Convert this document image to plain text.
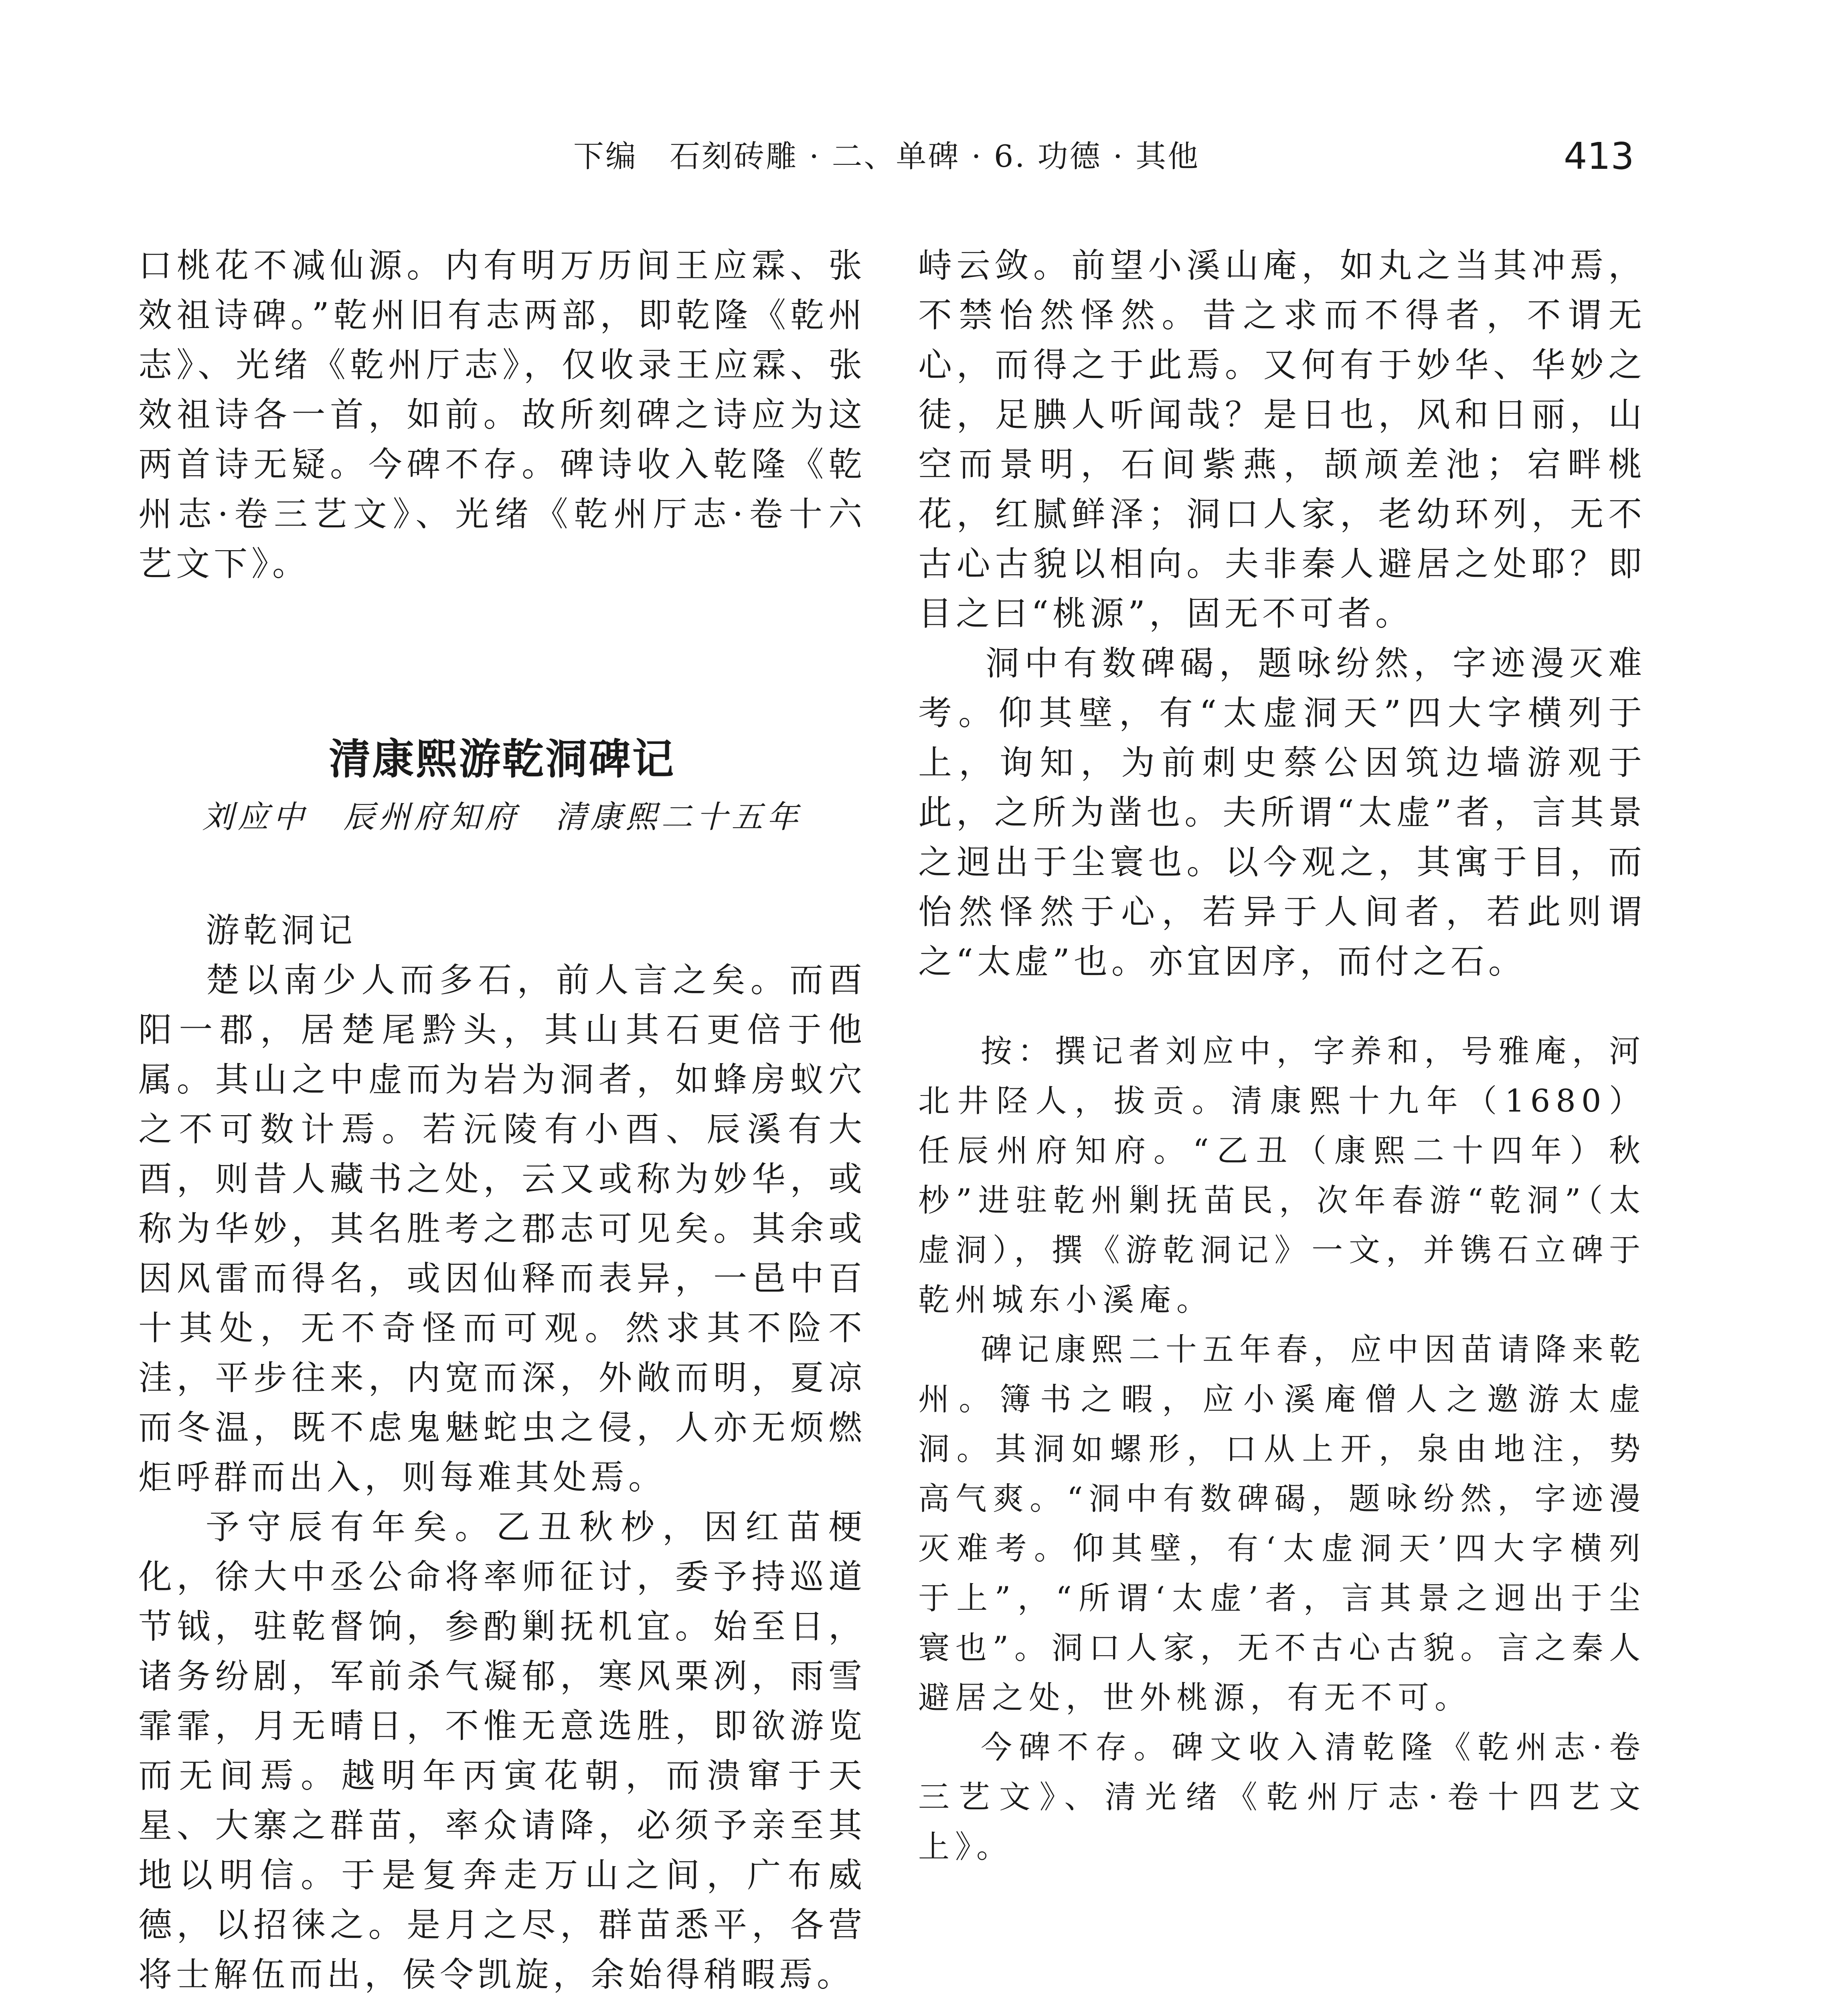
下编　石刻砖雕 · 二、单碑 · 6. 功德 · 其他	413

口桃花不减仙源。内有明万历间王应霖、张效祖诗碑。”乾州旧有志两部，即乾隆《乾州志》、光绪《乾州厅志》，仅收录王应霖、张效祖诗各一首，如前。故所刻碑之诗应为这两首诗无疑。今碑不存。碑诗收入乾隆《乾州志·卷三艺文》、光绪《乾州厅志·卷十六艺文下》。

清康熙游乾洞碑记

刘应中　辰州府知府　清康熙二十五年

游乾洞记

楚以南少人而多石，前人言之矣。而酉阳一郡，居楚尾黔头，其山其石更倍于他属。其山之中虚而为岩为洞者，如蜂房蚁穴之不可数计焉。若沅陵有小酉、辰溪有大酉，则昔人藏书之处，云又或称为妙华，或称为华妙，其名胜考之郡志可见矣。其余或因风雷而得名，或因仙释而表异，一邑中百十其处，无不奇怪而可观。然求其不险不洼，平步往来，内宽而深，外敞而明，夏凉而冬温，既不虑鬼魅蛇虫之侵，人亦无烦燃炬呼群而出入，则每难其处焉。

予守辰有年矣。乙丑秋杪，因红苗梗化，徐大中丞公命将率师征讨，委予持巡道节钺，驻乾督饷，参酌剿抚机宜。始至日，诸务纷剧，军前杀气凝郁，寒风栗冽，雨雪霏霏，月无晴日，不惟无意选胜，即欲游览而无间焉。越明年丙寅花朝，而溃窜于天星、大寨之群苗，率众请降，必须予亲至其地以明信。于是复奔走万山之间，广布威德，以招徕之。是月之尽，群苗悉平，各营将士解伍而出，侯令凯旋，余始得稍暇焉。

峙云敛。前望小溪山庵，如丸之当其冲焉，不禁怡然怿然。昔之求而不得者，不谓无心，而得之于此焉。又何有于妙华、华妙之徒，足腆人听闻哉？是日也，风和日丽，山空而景明，石间紫燕，颉颃差池；宕畔桃花，红腻鲜泽；洞口人家，老幼环列，无不古心古貌以相向。夫非秦人避居之处耶？即目之曰“桃源”，固无不可者。

洞中有数碑碣，题咏纷然，字迹漫灭难考。仰其壁，有“太虚洞天”四大字横列于上，询知，为前刺史蔡公因筑边墙游观于此，之所为凿也。夫所谓“太虚”者，言其景之迥出于尘寰也。以今观之，其寓于目，而怡然怿然于心，若异于人间者，若此则谓之“太虚”也。亦宜因序，而付之石。

按：撰记者刘应中，字养和，号雅庵，河北井陉人，拔贡。清康熙十九年（1680）任辰州府知府。“乙丑（康熙二十四年）秋杪”进驻乾州剿抚苗民，次年春游“乾洞”（太虚洞），撰《游乾洞记》一文，并镌石立碑于乾州城东小溪庵。

碑记康熙二十五年春，应中因苗请降来乾州。簿书之暇，应小溪庵僧人之邀游太虚洞。其洞如螺形，口从上开，泉由地注，势高气爽。“洞中有数碑碣，题咏纷然，字迹漫灭难考。仰其壁，有‘太虚洞天’四大字横列于上”，“所谓‘太虚’者，言其景之迥出于尘寰也”。洞口人家，无不古心古貌。言之秦人避居之处，世外桃源，有无不可。

今碑不存。碑文收入清乾隆《乾州志·卷三艺文》、清光绪《乾州厅志·卷十四艺文上》。
